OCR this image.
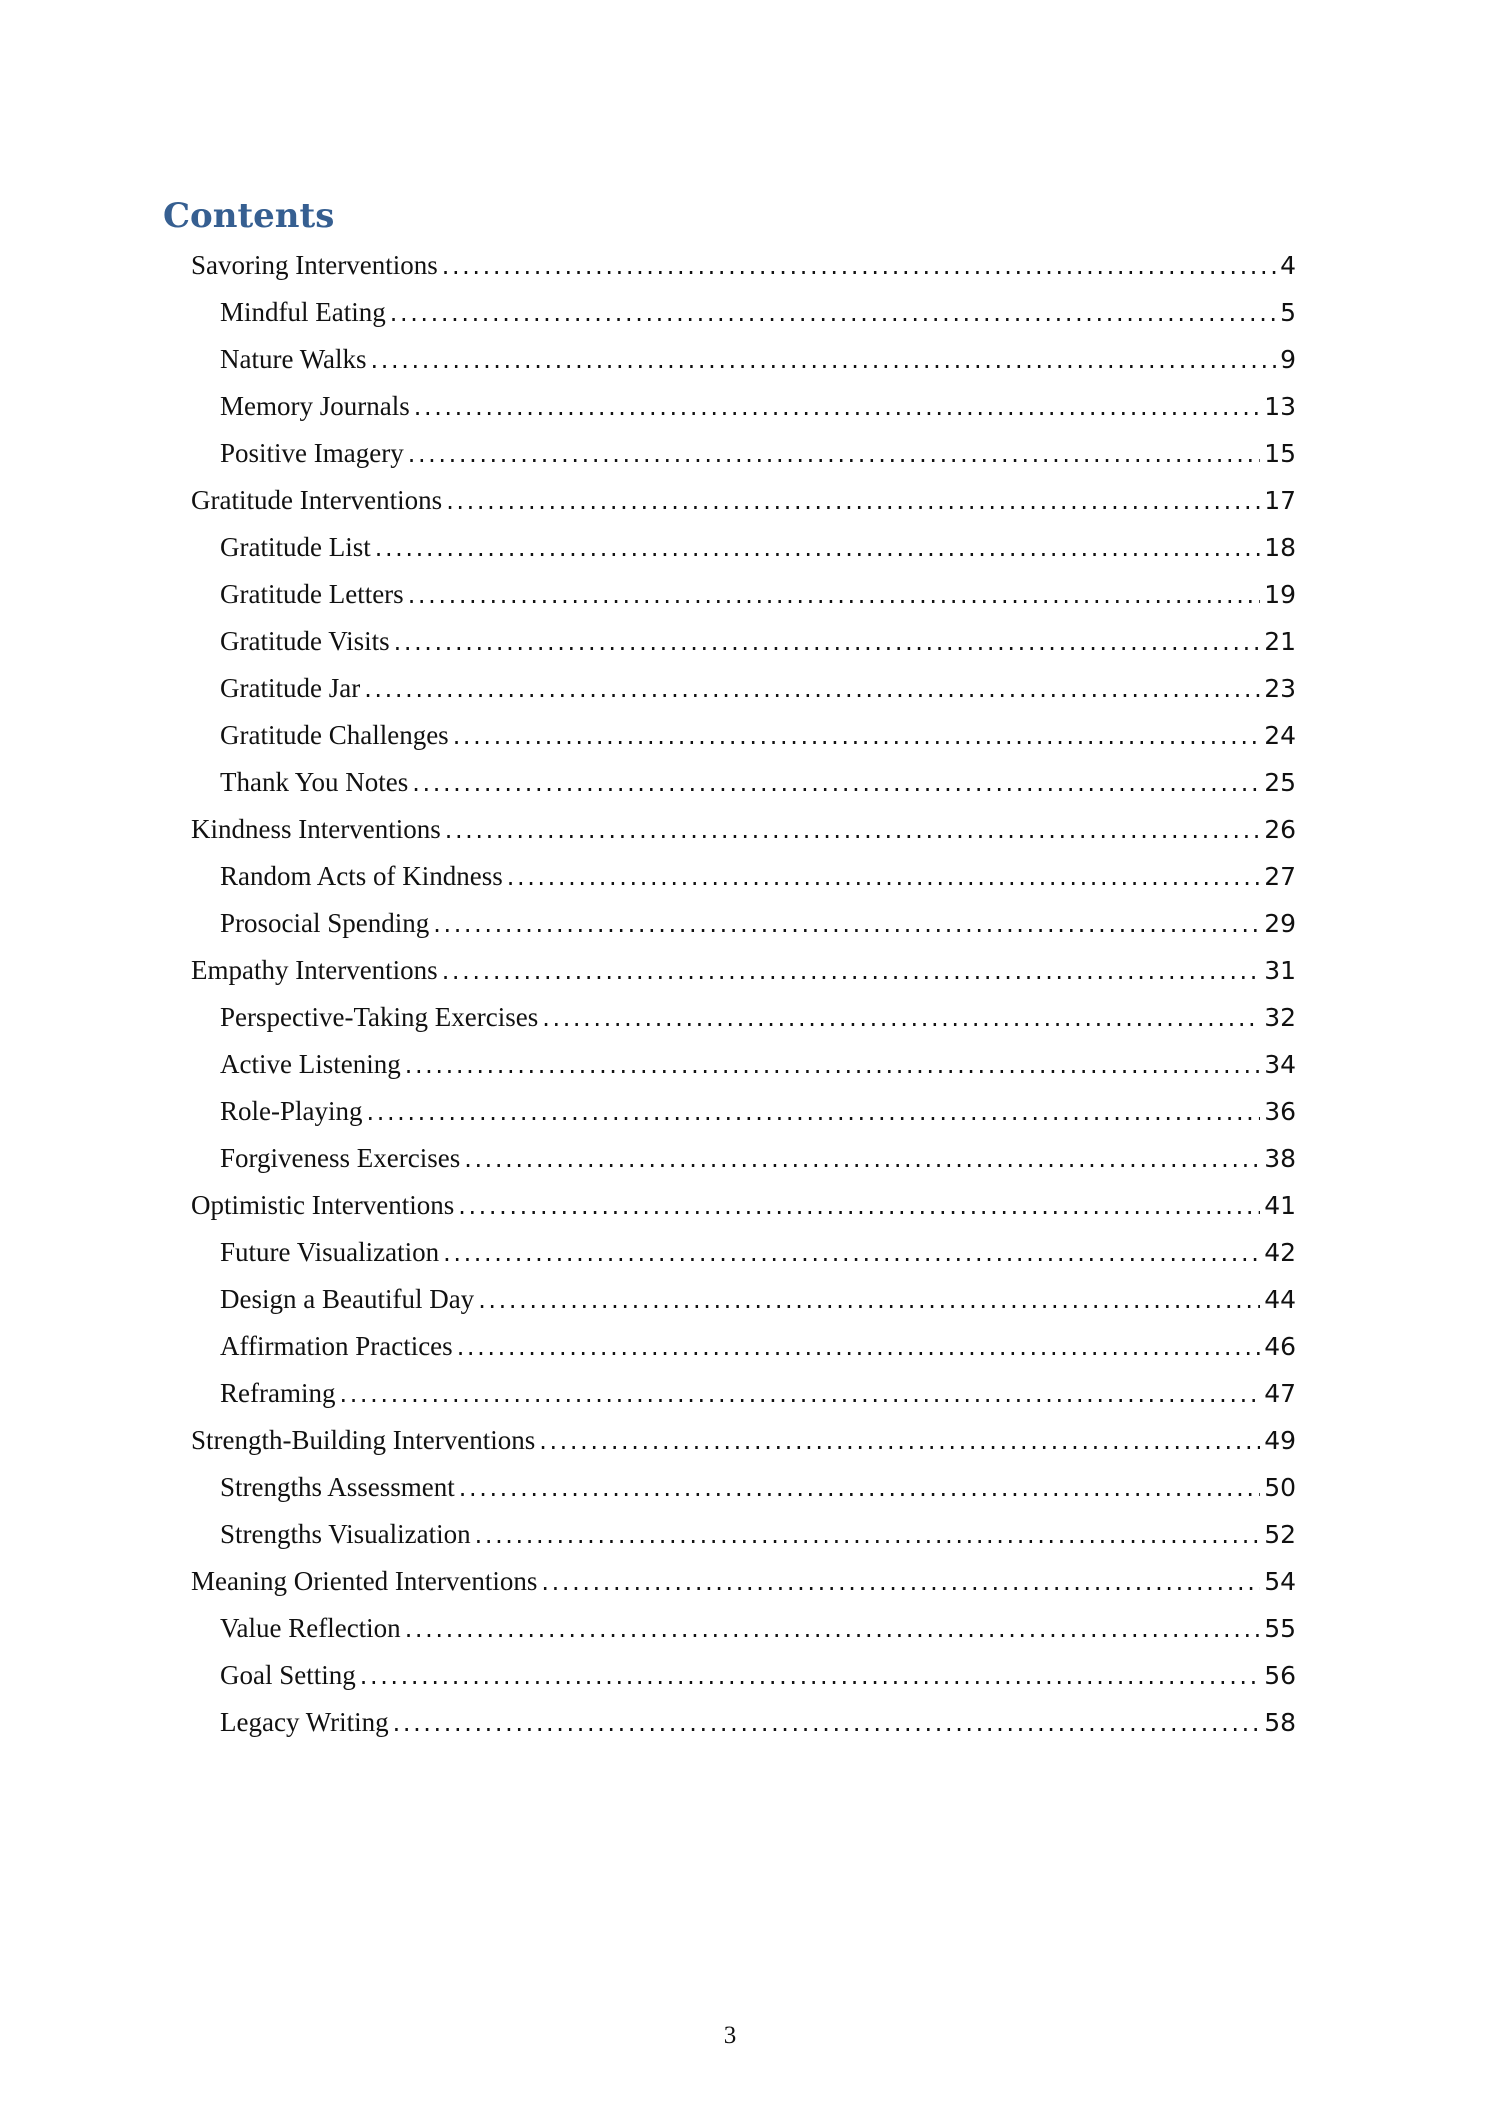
Contents
Savoring Interventions .....	4
Mindful Eating .....	5
Nature Walks .....	9
Memory Journals .....	13
Positive Imagery .....	15
Gratitude Interventions .....	17
Gratitude List .....	18
Gratitude Letters .....	19
Gratitude Visits .....	21
Gratitude Jar .....	23
Gratitude Challenges .....	24
Thank You Notes .....	25
Kindness Interventions .....	26
Random Acts of Kindness .....	27
Prosocial Spending .....	29
Empathy Interventions .....	31
Perspective-Taking Exercises .....	32
Active Listening .....	34
Role-Playing .....	36
Forgiveness Exercises .....	38
Optimistic Interventions .....	41
Future Visualization .....	42
Design a Beautiful Day .....	44
Affirmation Practices .....	46
Reframing .....	47
Strength-Building Interventions .....	49
Strengths Assessment .....	50
Strengths Visualization .....	52
Meaning Oriented Interventions .....	54
Value Reflection .....	55
Goal Setting .....	56
Legacy Writing .....	58
3
